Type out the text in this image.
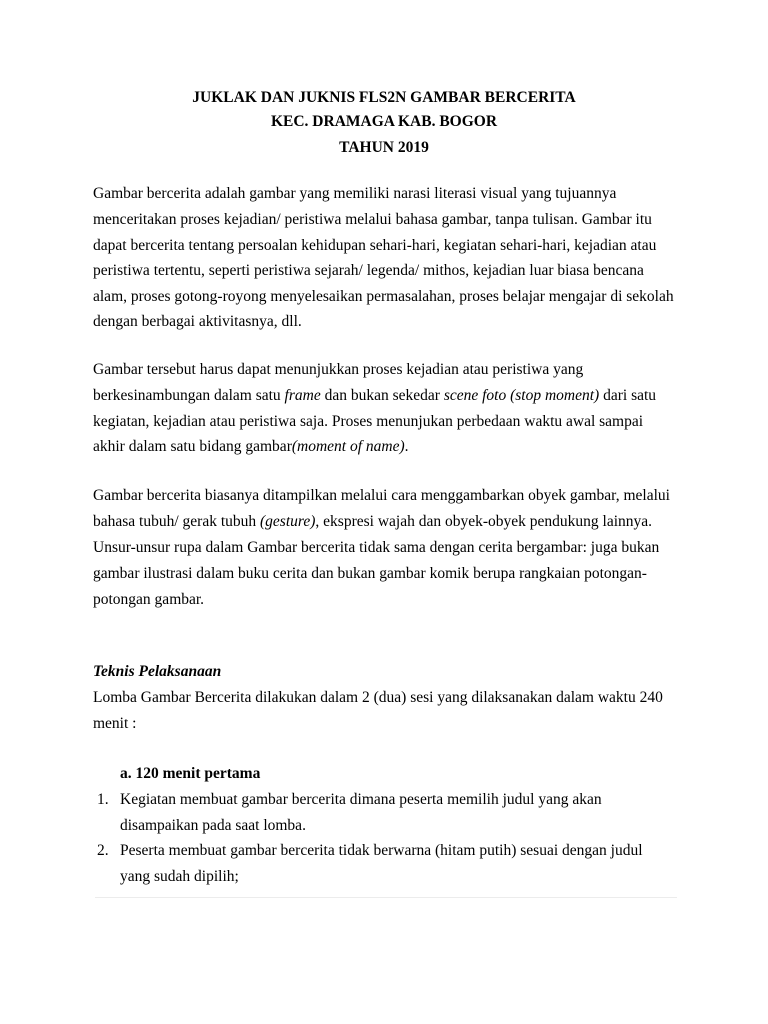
JUKLAK DAN JUKNIS FLS2N GAMBAR BERCERITA
KEC. DRAMAGA KAB. BOGOR
TAHUN 2019
Gambar bercerita adalah gambar yang memiliki narasi literasi visual yang tujuannya
menceritakan proses kejadian/ peristiwa melalui bahasa gambar, tanpa tulisan. Gambar itu
dapat bercerita tentang persoalan kehidupan sehari-hari, kegiatan sehari-hari, kejadian atau
peristiwa tertentu, seperti peristiwa sejarah/ legenda/ mithos, kejadian luar biasa bencana
alam, proses gotong-royong menyelesaikan permasalahan, proses belajar mengajar di sekolah
dengan berbagai aktivitasnya, dll.
Gambar tersebut harus dapat menunjukkan proses kejadian atau peristiwa yang
berkesinambungan dalam satu frame dan bukan sekedar scene foto (stop moment) dari satu
kegiatan, kejadian atau peristiwa saja. Proses menunjukan perbedaan waktu awal sampai
akhir dalam satu bidang gambar(moment of name).
Gambar bercerita biasanya ditampilkan melalui cara menggambarkan obyek gambar, melalui
bahasa tubuh/ gerak tubuh (gesture), ekspresi wajah dan obyek-obyek pendukung lainnya.
Unsur-unsur rupa dalam Gambar bercerita tidak sama dengan cerita bergambar: juga bukan
gambar ilustrasi dalam buku cerita dan bukan gambar komik berupa rangkaian potongan-
potongan gambar.
Teknis Pelaksanaan
Lomba Gambar Bercerita dilakukan dalam 2 (dua) sesi yang dilaksanakan dalam waktu 240
menit :
a. 120 menit pertama
1. Kegiatan membuat gambar bercerita dimana peserta memilih judul yang akan
disampaikan pada saat lomba.
2. Peserta membuat gambar bercerita tidak berwarna (hitam putih) sesuai dengan judul
yang sudah dipilih;
